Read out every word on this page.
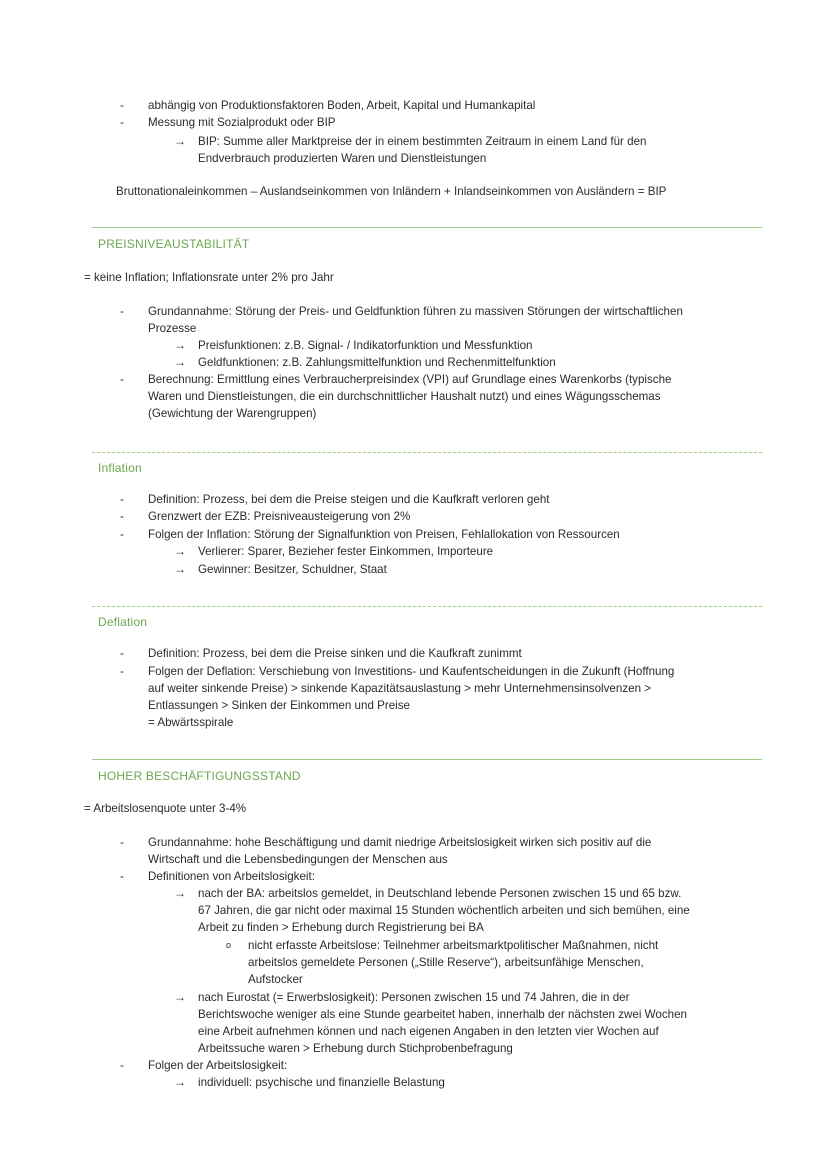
-	abhängig von Produktionsfaktoren Boden, Arbeit, Kapital und Humankapital
-	Messung mit Sozialprodukt oder BIP
→	BIP: Summe aller Marktpreise der in einem bestimmten Zeitraum in einem Land für den
Endverbrauch produzierten Waren und Dienstleistungen
Bruttonationaleinkommen – Auslandseinkommen von Inländern + Inlandseinkommen von Ausländern = BIP
PREISNIVEAUSTABILITÄT
= keine Inflation; Inflationsrate unter 2% pro Jahr
-	Grundannahme: Störung der Preis- und Geldfunktion führen zu massiven Störungen der wirtschaftlichen
Prozesse
→	Preisfunktionen: z.B. Signal- / Indikatorfunktion und Messfunktion
→	Geldfunktionen: z.B. Zahlungsmittelfunktion und Rechenmittelfunktion
-	Berechnung: Ermittlung eines Verbraucherpreisindex (VPI) auf Grundlage eines Warenkorbs (typische
Waren und Dienstleistungen, die ein durchschnittlicher Haushalt nutzt) und eines Wägungsschemas
(Gewichtung der Warengruppen)
Inflation
-	Definition: Prozess, bei dem die Preise steigen und die Kaufkraft verloren geht
-	Grenzwert der EZB: Preisniveausteigerung von 2%
-	Folgen der Inflation: Störung der Signalfunktion von Preisen, Fehlallokation von Ressourcen
→	Verlierer: Sparer, Bezieher fester Einkommen, Importeure
→	Gewinner: Besitzer, Schuldner, Staat
Deflation
-	Definition: Prozess, bei dem die Preise sinken und die Kaufkraft zunimmt
-	Folgen der Deflation: Verschiebung von Investitions- und Kaufentscheidungen in die Zukunft (Hoffnung
auf weiter sinkende Preise) > sinkende Kapazitätsauslastung > mehr Unternehmensinsolvenzen >
Entlassungen > Sinken der Einkommen und Preise
= Abwärtsspirale
HOHER BESCHÄFTIGUNGSSTAND
= Arbeitslosenquote unter 3-4%
-	Grundannahme: hohe Beschäftigung und damit niedrige Arbeitslosigkeit wirken sich positiv auf die
Wirtschaft und die Lebensbedingungen der Menschen aus
-	Definitionen von Arbeitslosigkeit:
→	nach der BA: arbeitslos gemeldet, in Deutschland lebende Personen zwischen 15 und 65 bzw.
67 Jahren, die gar nicht oder maximal 15 Stunden wöchentlich arbeiten und sich bemühen, eine
Arbeit zu finden > Erhebung durch Registrierung bei BA
o nicht erfasste Arbeitslose: Teilnehmer arbeitsmarktpolitischer Maßnahmen, nicht
arbeitslos gemeldete Personen („Stille Reserve“), arbeitsunfähige Menschen,
Aufstocker
→	nach Eurostat (= Erwerbslosigkeit): Personen zwischen 15 und 74 Jahren, die in der
Berichtswoche weniger als eine Stunde gearbeitet haben, innerhalb der nächsten zwei Wochen
eine Arbeit aufnehmen können und nach eigenen Angaben in den letzten vier Wochen auf
Arbeitssuche waren > Erhebung durch Stichprobenbefragung
-	Folgen der Arbeitslosigkeit:
→	individuell: psychische und finanzielle Belastung
